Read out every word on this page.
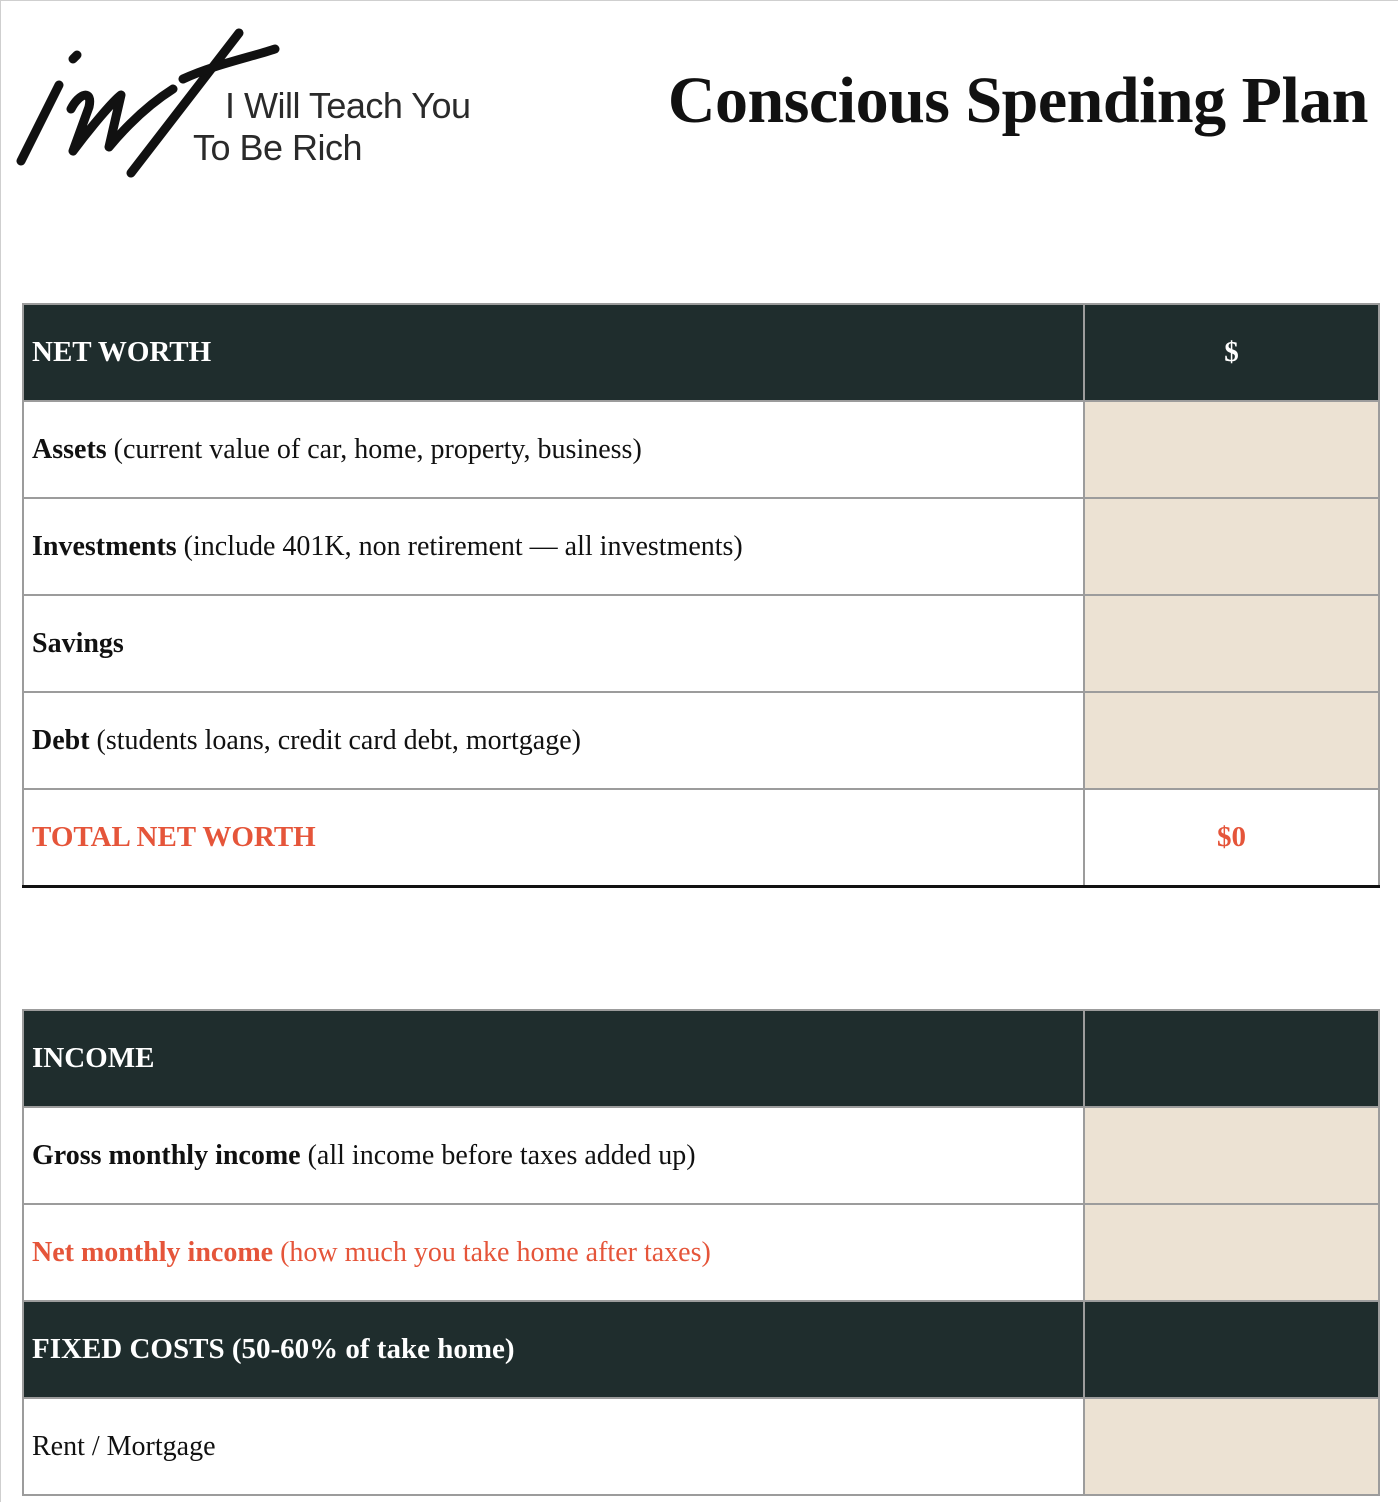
I Will Teach You
To Be Rich
Conscious Spending Plan
NET WORTH	$
Assets (current value of car, home, property, business)	
Investments (include 401K, non retirement — all investments)	
Savings	
Debt (students loans, credit card debt, mortgage)	
TOTAL NET WORTH	$0
INCOME	
Gross monthly income (all income before taxes added up)	
Net monthly income (how much you take home after taxes)	
FIXED COSTS (50-60% of take home)	
Rent / Mortgage	
